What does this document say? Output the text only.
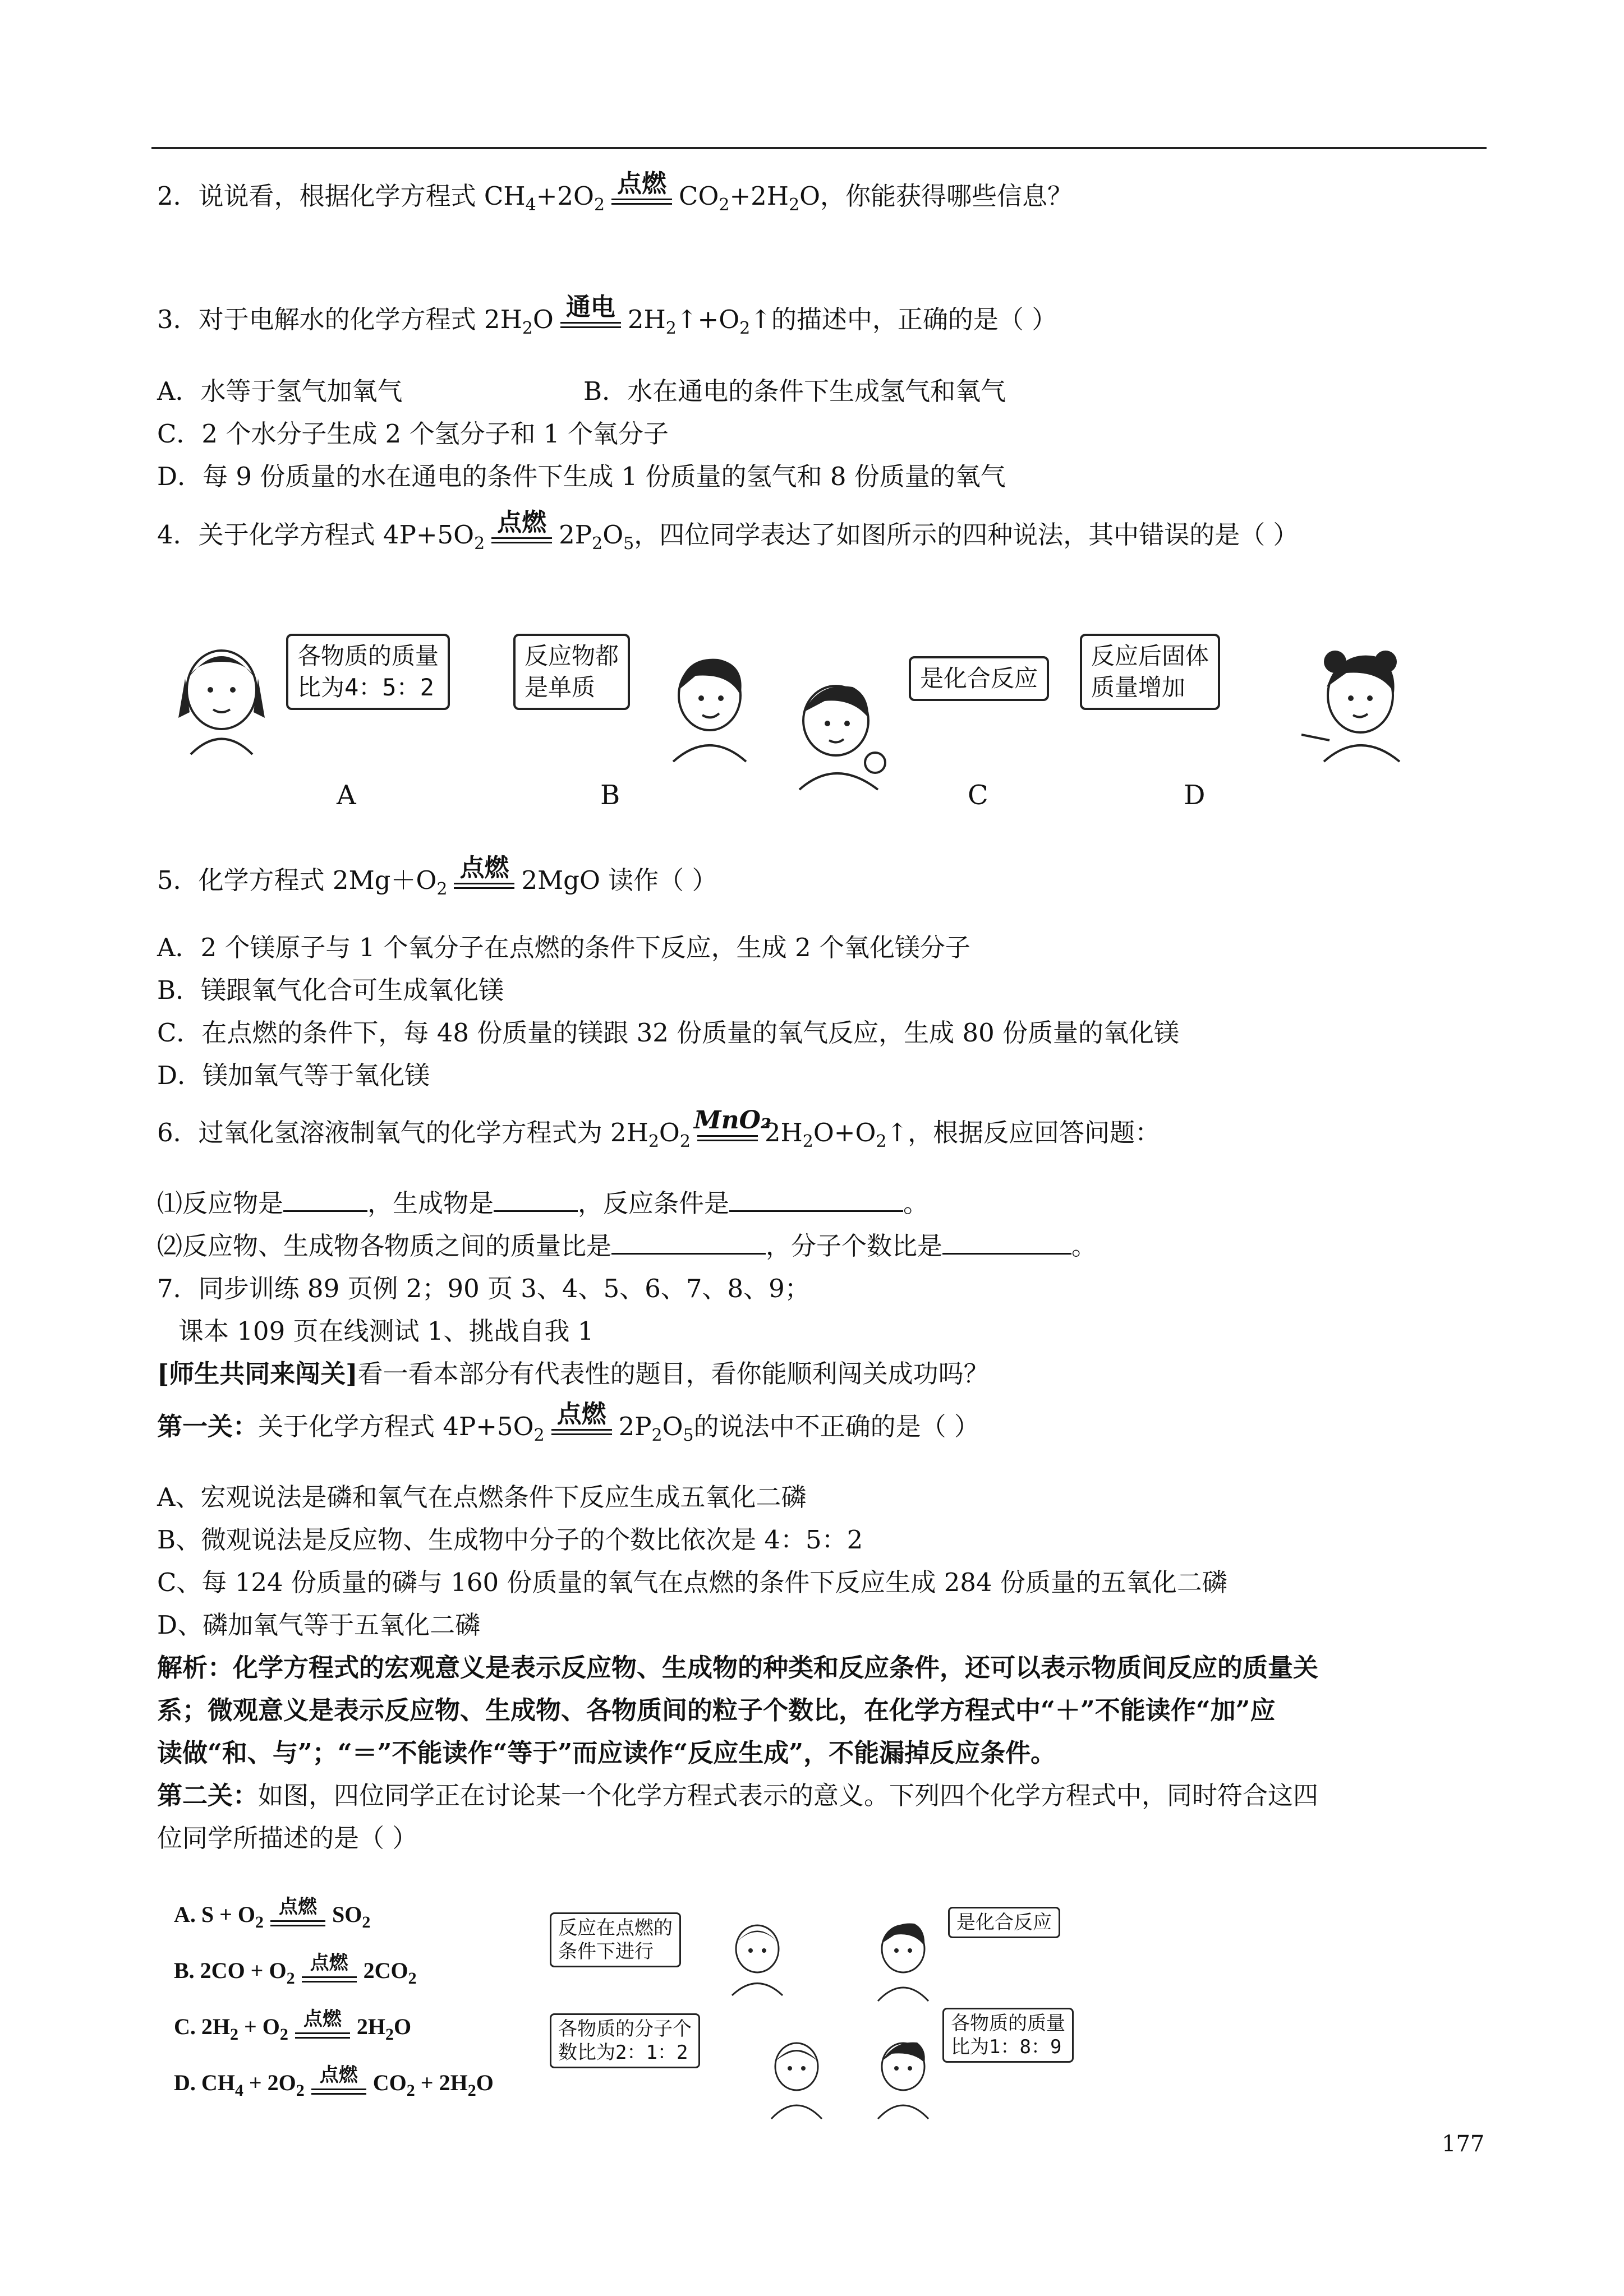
2．说说看，根据化学方程式 $CH_4+2O_2$
点燃 $CO_2+2H_2O$，你能获得哪些信息？
3．对于电解水的化学方程式 $2H_2O$ 通电 $2H_2↑+O_2↑$的描述中，正确的是（ ）
A．水等于氢气加氧气	B．水在通电的条件下生成氢气和氧气
C．2 个水分子生成 2 个氢分子和 1 个氧分子
D．每 9 份质量的水在通电的条件下生成 1 份质量的氢气和 8 份质量的氧气
4．关于化学方程式 $4P+5O_2$
点燃 $2P_2O_5$，四位同学表达了如图所示的四种说法，其中错误的是（ ）
各物质的质量
比为4：5：2
反应物都
是单质	是化合反应
反应后固体
质量增加
A	B	C	D
5．化学方程式 $2Mg+O_2$
点燃 2MgO 读作（ ）
A．2 个镁原子与 1 个氧分子在点燃的条件下反应，生成 2 个氧化镁分子
B．镁跟氧气化合可生成氧化镁
C．在点燃的条件下，每 48 份质量的镁跟 32 份质量的氧气反应，生成 80 份质量的氧化镁
D．镁加氧气等于氧化镁
6．过氧化氢溶液制氧气的化学方程式为 $2H_2O_2$
MnO₂
$2H_2O+O_2↑$，根据反应回答问题：
⑴反应物是	，生成物是	，反应条件是	。
⑵反应物、生成物各物质之间的质量比是	，分子个数比是	。
7．同步训练 89 页例 2；90 页 3、4、5、6、7、8、9；
课本 109 页在线测试 1、挑战自我 1
[师生共同来闯关]看一看本部分有代表性的题目，看你能顺利闯关成功吗？
第一关：关于化学方程式 $4P+5O_2$
点燃 $2P_2O_5$的说法中不正确的是（ ）
A、宏观说法是磷和氧气在点燃条件下反应生成五氧化二磷
B、微观说法是反应物、生成物中分子的个数比依次是 4：5：2
C、每 124 份质量的磷与 160 份质量的氧气在点燃的条件下反应生成 284 份质量的五氧化二磷
D、磷加氧气等于五氧化二磷
解析：化学方程式的宏观意义是表示反应物、生成物的种类和反应条件，还可以表示物质间反应的质量关
系；微观意义是表示反应物、生成物、各物质间的粒子个数比，在化学方程式中“＋”不能读作“加”应
读做“和、与”；“＝”不能读作“等于”而应读作“反应生成”，不能漏掉反应条件。
第二关：如图，四位同学正在讨论某一个化学方程式表示的意义。下列四个化学方程式中，同时符合这四
位同学所描述的是（ ）
A. $S + O_2$
点燃 $SO_2$
B. $2CO + O_2$
点燃 $2CO_2$
C. $2H_2 + O_2$
点燃 $2H_2O$
D. $CH_4 + 2O_2$
点燃 $CO_2 + 2H_2O$
反应在点燃的
条件下进行
是化合反应
各物质的分子个
数比为2：1：2
各物质的质量
比为1：8：9
177
